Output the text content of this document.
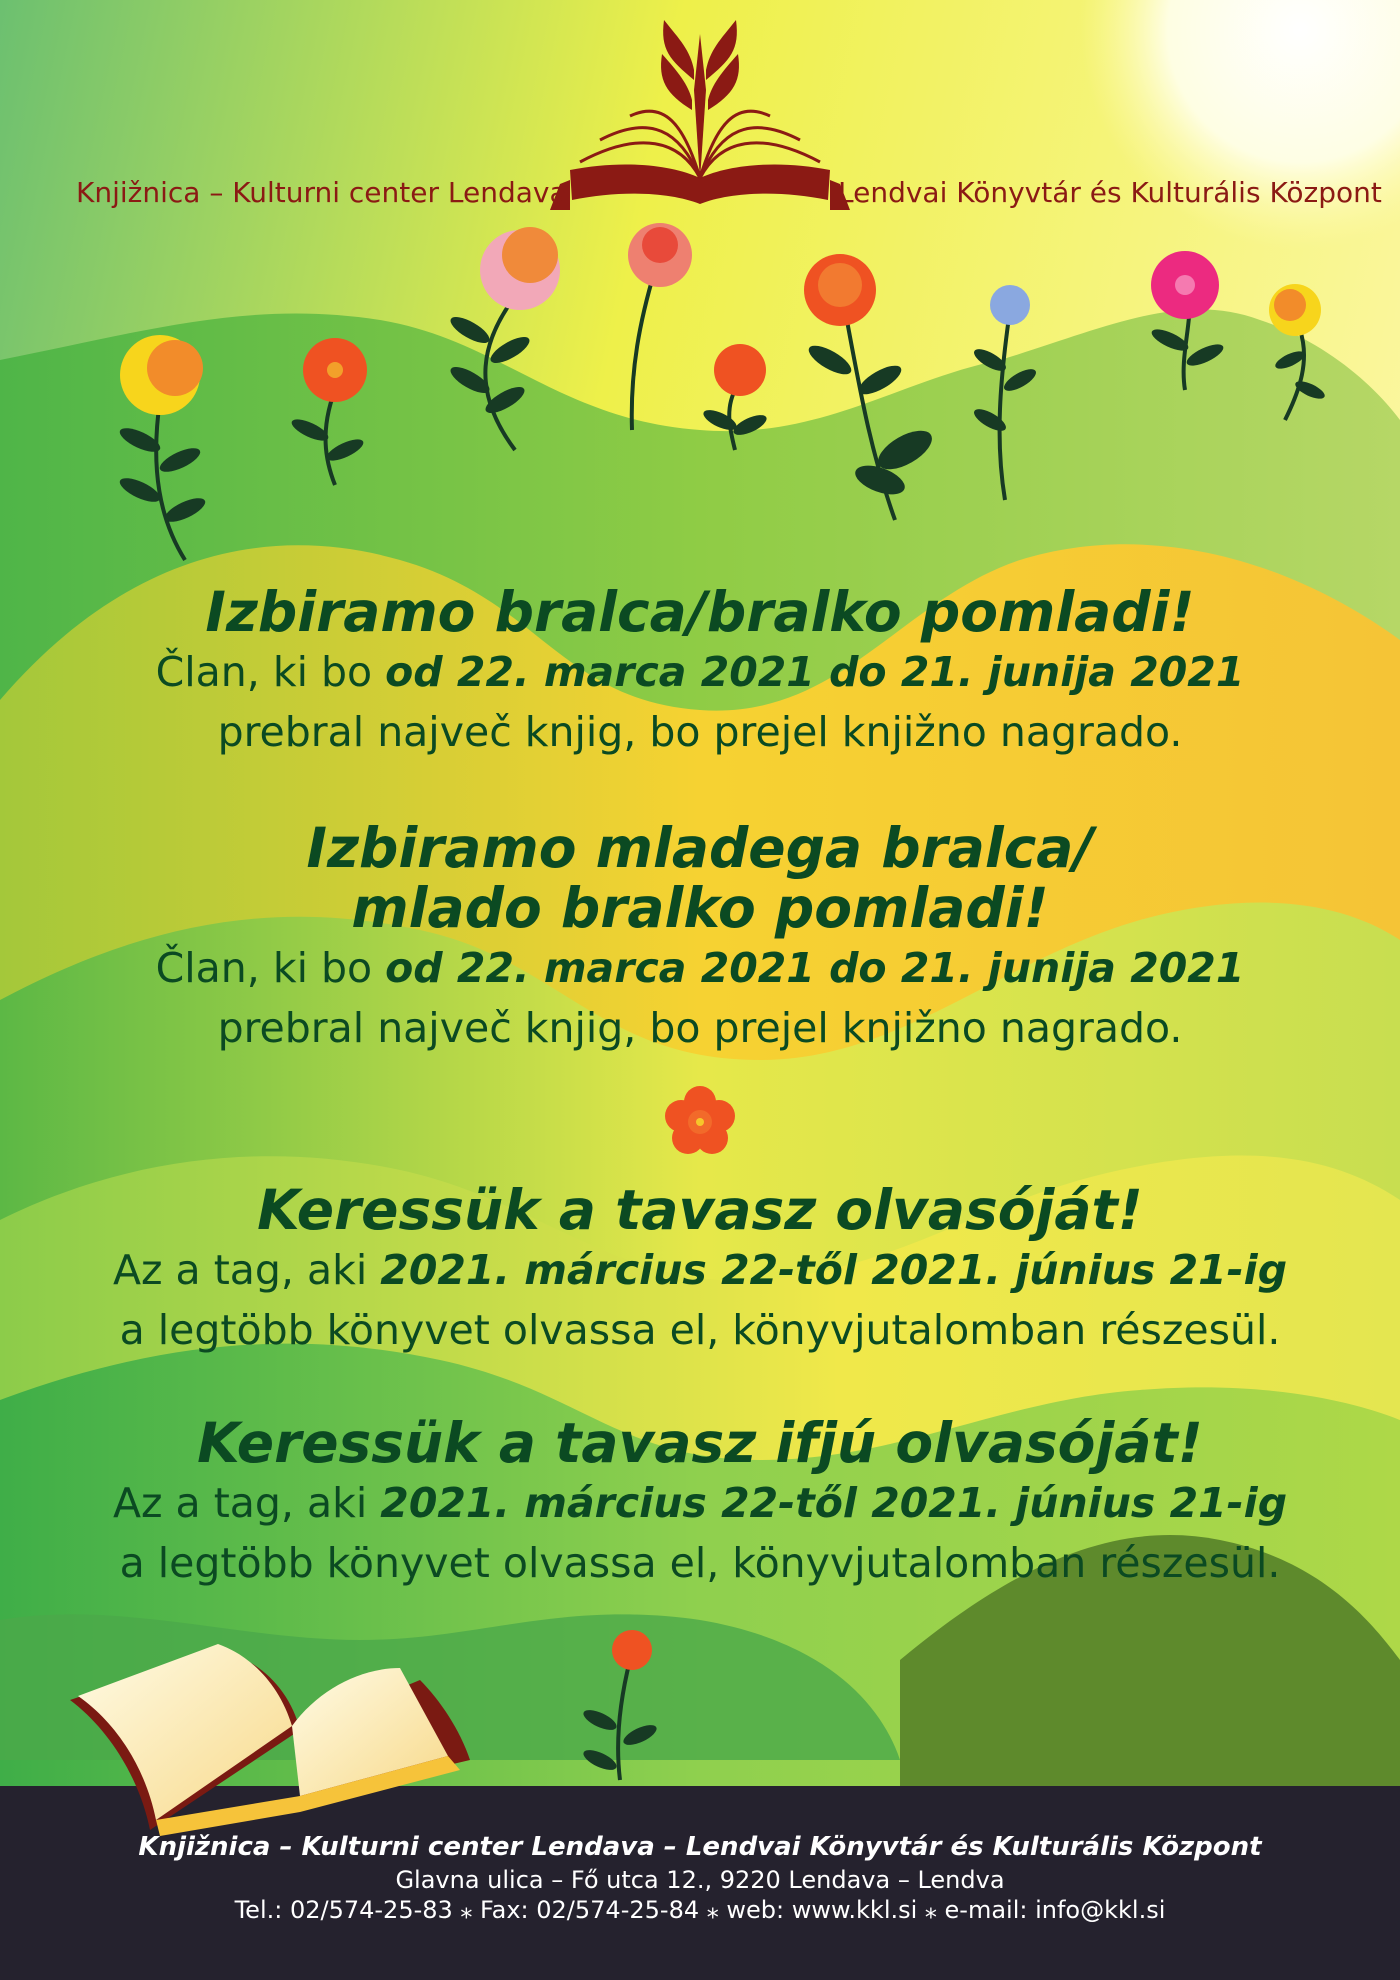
Knjižnica – Kulturni center Lendava	Lendvai Könyvtár és Kulturális Központ

Izbiramo bralca/bralko pomladi!

Član, ki bo od 22. marca 2021 do 21. junija 2021

prebral največ knjig, bo prejel knjižno nagrado.

Izbiramo mladega bralca/

mlado bralko pomladi!

Član, ki bo od 22. marca 2021 do 21. junija 2021

prebral največ knjig, bo prejel knjižno nagrado.

Keressük a tavasz olvasóját!

Az a tag, aki 2021. március 22-től 2021. június 21-ig

a legtöbb könyvet olvassa el, könyvjutalomban részesül.

Keressük a tavasz ifjú olvasóját!

Az a tag, aki 2021. március 22-től 2021. június 21-ig

a legtöbb könyvet olvassa el, könyvjutalomban részesül.

Knjižnica – Kulturni center Lendava – Lendvai Könyvtár és Kulturális Központ
Glavna ulica – Fő utca 12., 9220 Lendava – Lendva
Tel.: 02/574-25-83 ⁎ Fax: 02/574-25-84 ⁎ web: www.kkl.si ⁎ e-mail: info@kkl.si
